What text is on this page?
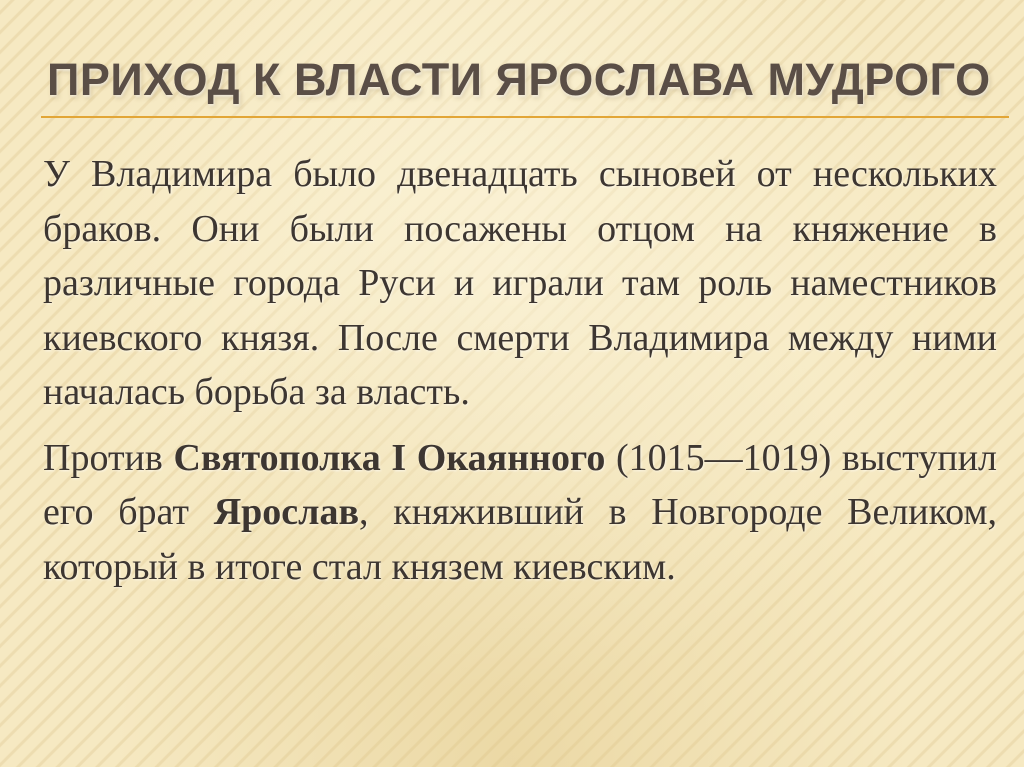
ПРИХОД К ВЛАСТИ ЯРОСЛАВА МУДРОГО

У Владимира было двенадцать сыновей от нескольких браков. Они были посажены отцом на княжение в различные города Руси и играли там роль наместников киевского князя. После смерти Владимира между ними началась борьба за власть.

Против Святополка I Окаянного (1015—1019) выступил его брат Ярослав, княживший в Новгороде Великом, который в итоге стал князем киевским.
